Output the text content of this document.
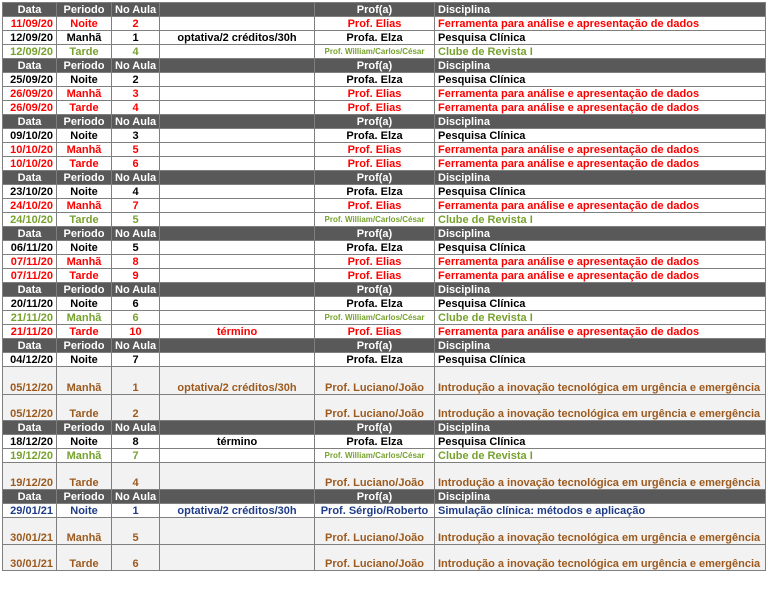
Data	Periodo	No Aula		Prof(a)	Disciplina
11/09/20	Noite	2		Prof. Elias	Ferramenta para análise e apresentação de dados
12/09/20	Manhã	1	optativa/2 créditos/30h	Profa. Elza	Pesquisa Clínica
12/09/20	Tarde	4		Prof. William/Carlos/César	Clube de Revista I
Data	Periodo	No Aula		Prof(a)	Disciplina
25/09/20	Noite	2		Profa. Elza	Pesquisa Clínica
26/09/20	Manhã	3		Prof. Elias	Ferramenta para análise e apresentação de dados
26/09/20	Tarde	4		Prof. Elias	Ferramenta para análise e apresentação de dados
Data	Periodo	No Aula		Prof(a)	Disciplina
09/10/20	Noite	3		Profa. Elza	Pesquisa Clínica
10/10/20	Manhã	5		Prof. Elias	Ferramenta para análise e apresentação de dados
10/10/20	Tarde	6		Prof. Elias	Ferramenta para análise e apresentação de dados
Data	Periodo	No Aula		Prof(a)	Disciplina
23/10/20	Noite	4		Profa. Elza	Pesquisa Clínica
24/10/20	Manhã	7		Prof. Elias	Ferramenta para análise e apresentação de dados
24/10/20	Tarde	5		Prof. William/Carlos/César	Clube de Revista I
Data	Periodo	No Aula		Prof(a)	Disciplina
06/11/20	Noite	5		Profa. Elza	Pesquisa Clínica
07/11/20	Manhã	8		Prof. Elias	Ferramenta para análise e apresentação de dados
07/11/20	Tarde	9		Prof. Elias	Ferramenta para análise e apresentação de dados
Data	Periodo	No Aula		Prof(a)	Disciplina
20/11/20	Noite	6		Profa. Elza	Pesquisa Clínica
21/11/20	Manhã	6		Prof. William/Carlos/César	Clube de Revista I
21/11/20	Tarde	10	término	Prof. Elias	Ferramenta para análise e apresentação de dados
Data	Periodo	No Aula		Prof(a)	Disciplina
04/12/20	Noite	7		Profa. Elza	Pesquisa Clínica
05/12/20	Manhã	1	optativa/2 créditos/30h	Prof. Luciano/João	Introdução a inovação tecnológica em urgência e emergência
05/12/20	Tarde	2		Prof. Luciano/João	Introdução a inovação tecnológica em urgência e emergência
Data	Periodo	No Aula		Prof(a)	Disciplina
18/12/20	Noite	8	término	Profa. Elza	Pesquisa Clínica
19/12/20	Manhã	7		Prof. William/Carlos/César	Clube de Revista I
19/12/20	Tarde	4		Prof. Luciano/João	Introdução a inovação tecnológica em urgência e emergência
Data	Periodo	No Aula		Prof(a)	Disciplina
29/01/21	Noite	1	optativa/2 créditos/30h	Prof. Sérgio/Roberto	Simulação clínica: métodos e aplicação
30/01/21	Manhã	5		Prof. Luciano/João	Introdução a inovação tecnológica em urgência e emergência
30/01/21	Tarde	6		Prof. Luciano/João	Introdução a inovação tecnológica em urgência e emergência
